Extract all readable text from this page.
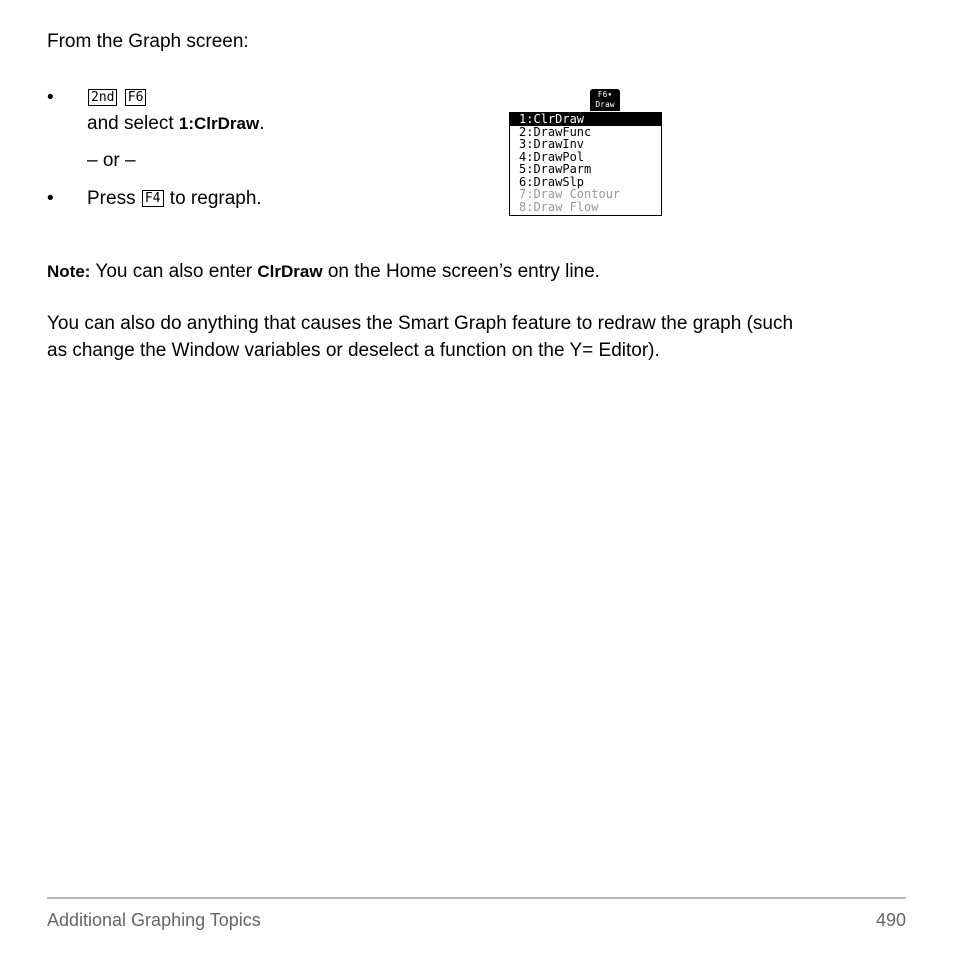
From the Graph screen:
•	2nd F6
and select 1:ClrDraw.
– or –
• Press F4 to regraph.
F6▾
Draw
1:ClrDraw
2:DrawFunc
3:DrawInv
4:DrawPol
5:DrawParm
6:DrawSlp
7:Draw Contour
8:Draw Flow
Note: You can also enter ClrDraw on the Home screen’s entry line.
You can also do anything that causes the Smart Graph feature to redraw the graph (such
as change the Window variables or deselect a function on the Y= Editor).
Additional Graphing Topics	490
